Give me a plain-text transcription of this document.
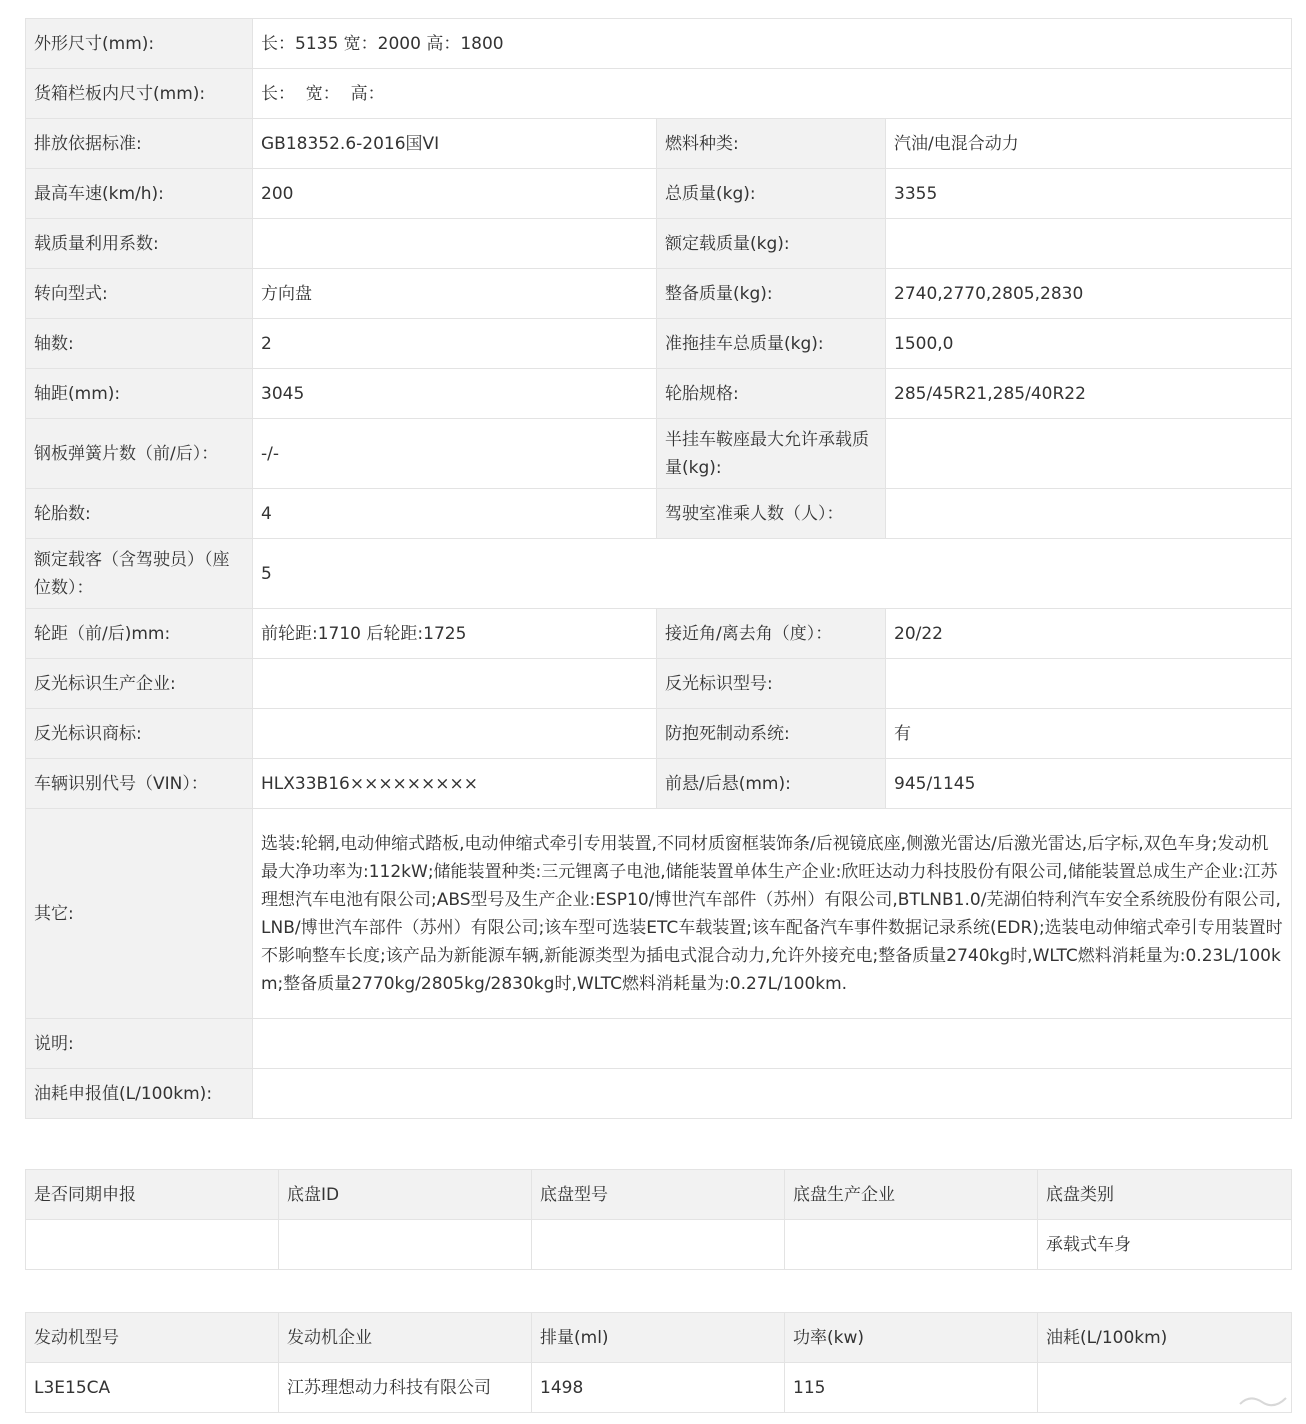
外形尺寸(mm):	长：5135 宽：2000 高：1800		
货箱栏板内尺寸(mm):	长：  宽：  高：		
排放依据标准:	GB18352.6-2016国VI	燃料种类:	汽油/电混合动力
最高车速(km/h):	200	总质量(kg):	3355
载质量利用系数:		额定载质量(kg):	
转向型式:	方向盘	整备质量(kg):	2740,2770,2805,2830
轴数:	2	准拖挂车总质量(kg):	1500,0
轴距(mm):	3045	轮胎规格:	285/45R21,285/40R22
钢板弹簧片数（前/后）：	-/-	半挂车鞍座最大允许承载质量(kg):	
轮胎数:	4	驾驶室准乘人数（人）：	
额定载客（含驾驶员）（座位数）：	5		
轮距（前/后)mm:	前轮距:1710 后轮距:1725	接近角/离去角（度）：	20/22
反光标识生产企业:		反光标识型号:	
反光标识商标:		防抱死制动系统:	有
车辆识别代号（VIN）：	HLX33B16×××××××××	前悬/后悬(mm):	945/1145
其它:	选装:轮辋,电动伸缩式踏板,电动伸缩式牵引专用装置,不同材质窗框装饰条/后视镜底座,侧激光雷达/后激光雷达,后字标,双色车身;发动机最大净功率为:112kW;储能装置种类:三元锂离子电池,储能装置单体生产企业:欣旺达动力科技股份有限公司,储能装置总成生产企业:江苏理想汽车电池有限公司;ABS型号及生产企业:ESP10/博世汽车部件（苏州）有限公司,BTLNB1.0/芜湖伯特利汽车安全系统股份有限公司,LNB/博世汽车部件（苏州）有限公司;该车型可选装ETC车载装置;该车配备汽车事件数据记录系统(EDR);选装电动伸缩式牵引专用装置时不影响整车长度;该产品为新能源车辆,新能源类型为插电式混合动力,允许外接充电;整备质量2740kg时,WLTC燃料消耗量为:0.23L/100km;整备质量2770kg/2805kg/2830kg时,WLTC燃料消耗量为:0.27L/100km.		
说明:			
油耗申报值(L/100km):			
是否同期申报	底盘ID	底盘型号	底盘生产企业	底盘类别
				承载式车身
发动机型号	发动机企业	排量(ml)	功率(kw)	油耗(L/100km)
L3E15CA	江苏理想动力科技有限公司	1498	115	
